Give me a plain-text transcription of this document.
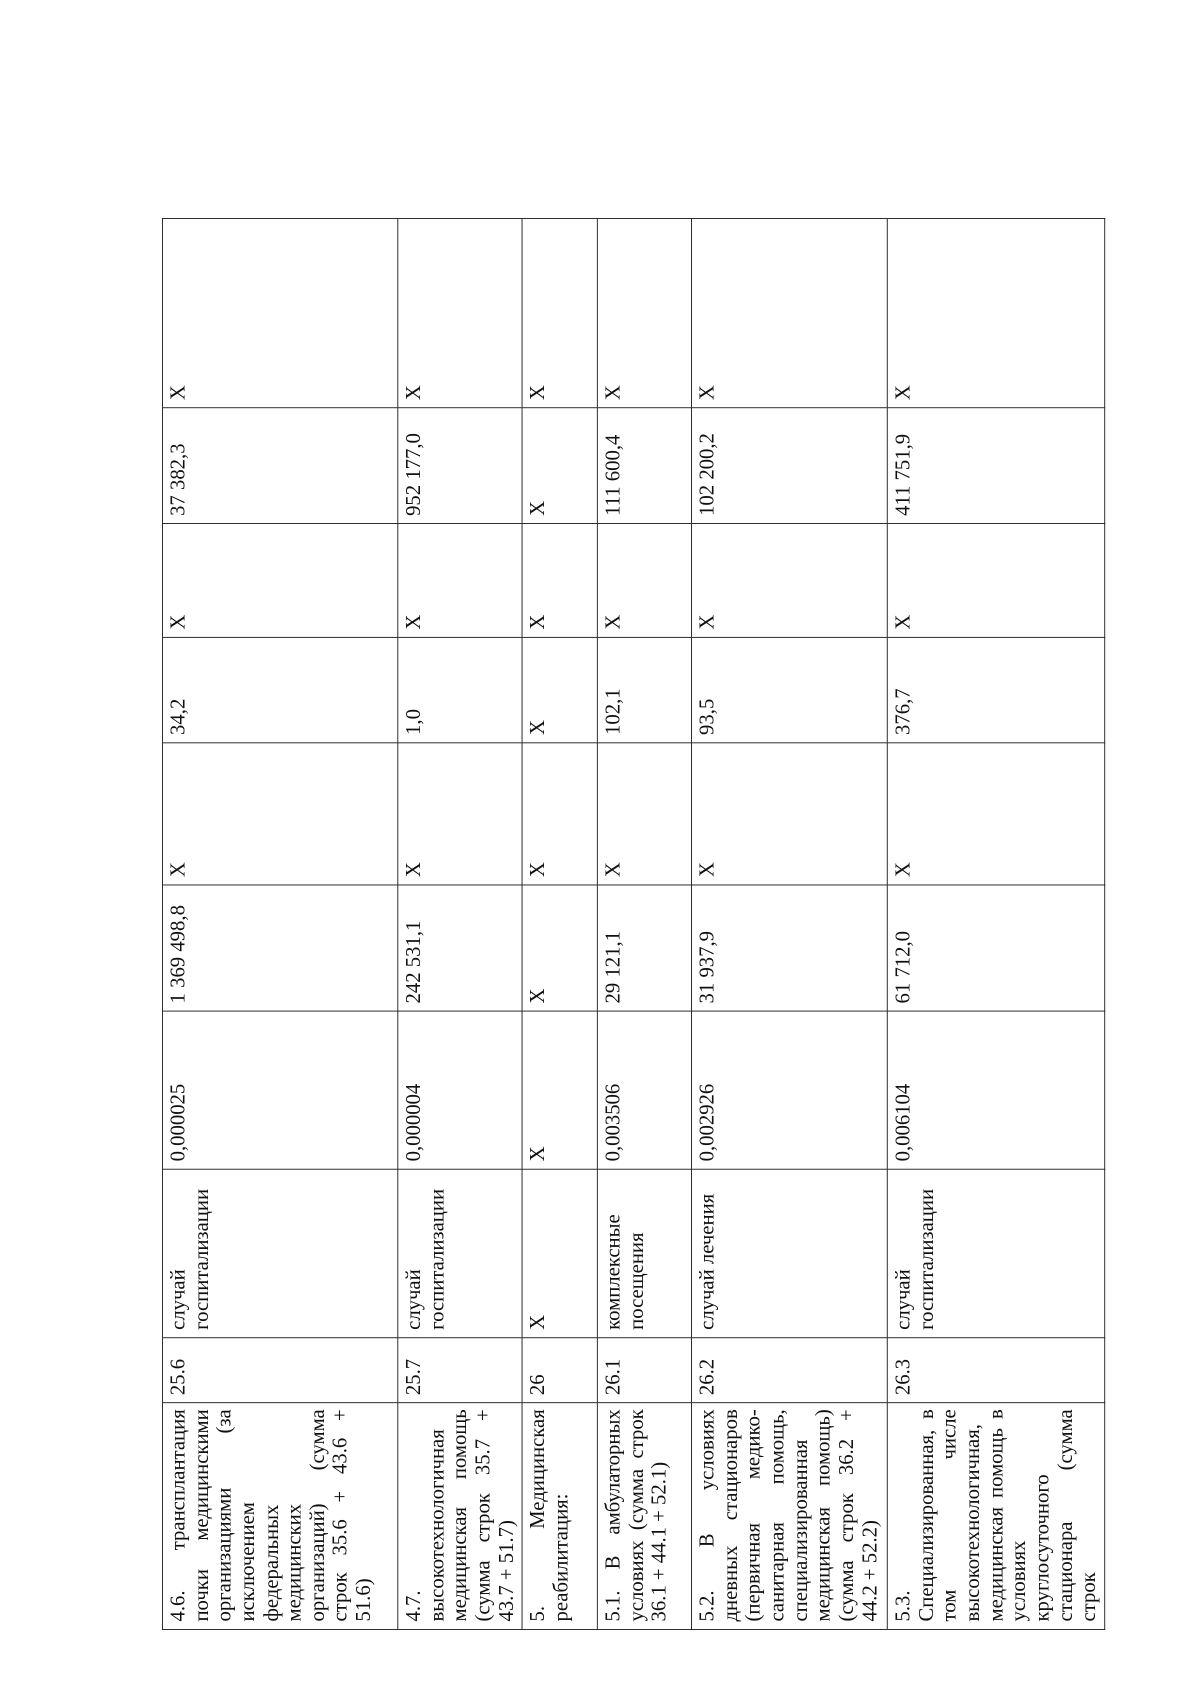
4.6. трансплантация почки медицинскими организациями (за исключением федеральных медицинских организаций) (сумма строк 35.6 + 43.6 + 51.6)	25.6	случай госпитализации	0,000025	1 369 498,8	X	34,2	X	37 382,3	X

4.7. высокотехнологичная медицинская помощь (сумма строк 35.7 + 43.7 + 51.7)	25.7	случай госпитализации	0,000004	242 531,1	X	1,0	X	952 177,0	X

5. Медицинская реабилитация:	26	X	X	X	X	X	X	X	X

5.1. В амбулаторных условиях (сумма строк 36.1 + 44.1 + 52.1)	26.1	комплексные посещения	0,003506	29 121,1	X	102,1	X	111 600,4	X

5.2. В условиях дневных стационаров (первичная медико-санитарная помощь, специализированная медицинская помощь) (сумма строк 36.2 + 44.2 + 52.2)	26.2	случай лечения	0,002926	31 937,9	X	93,5	X	102 200,2	X

5.3. Специализированная, в том числе высокотехнологичная, медицинская помощь в условиях круглосуточного стационара (сумма строк	26.3	случай госпитализации	0,006104	61 712,0	X	376,7	X	411 751,9	X
